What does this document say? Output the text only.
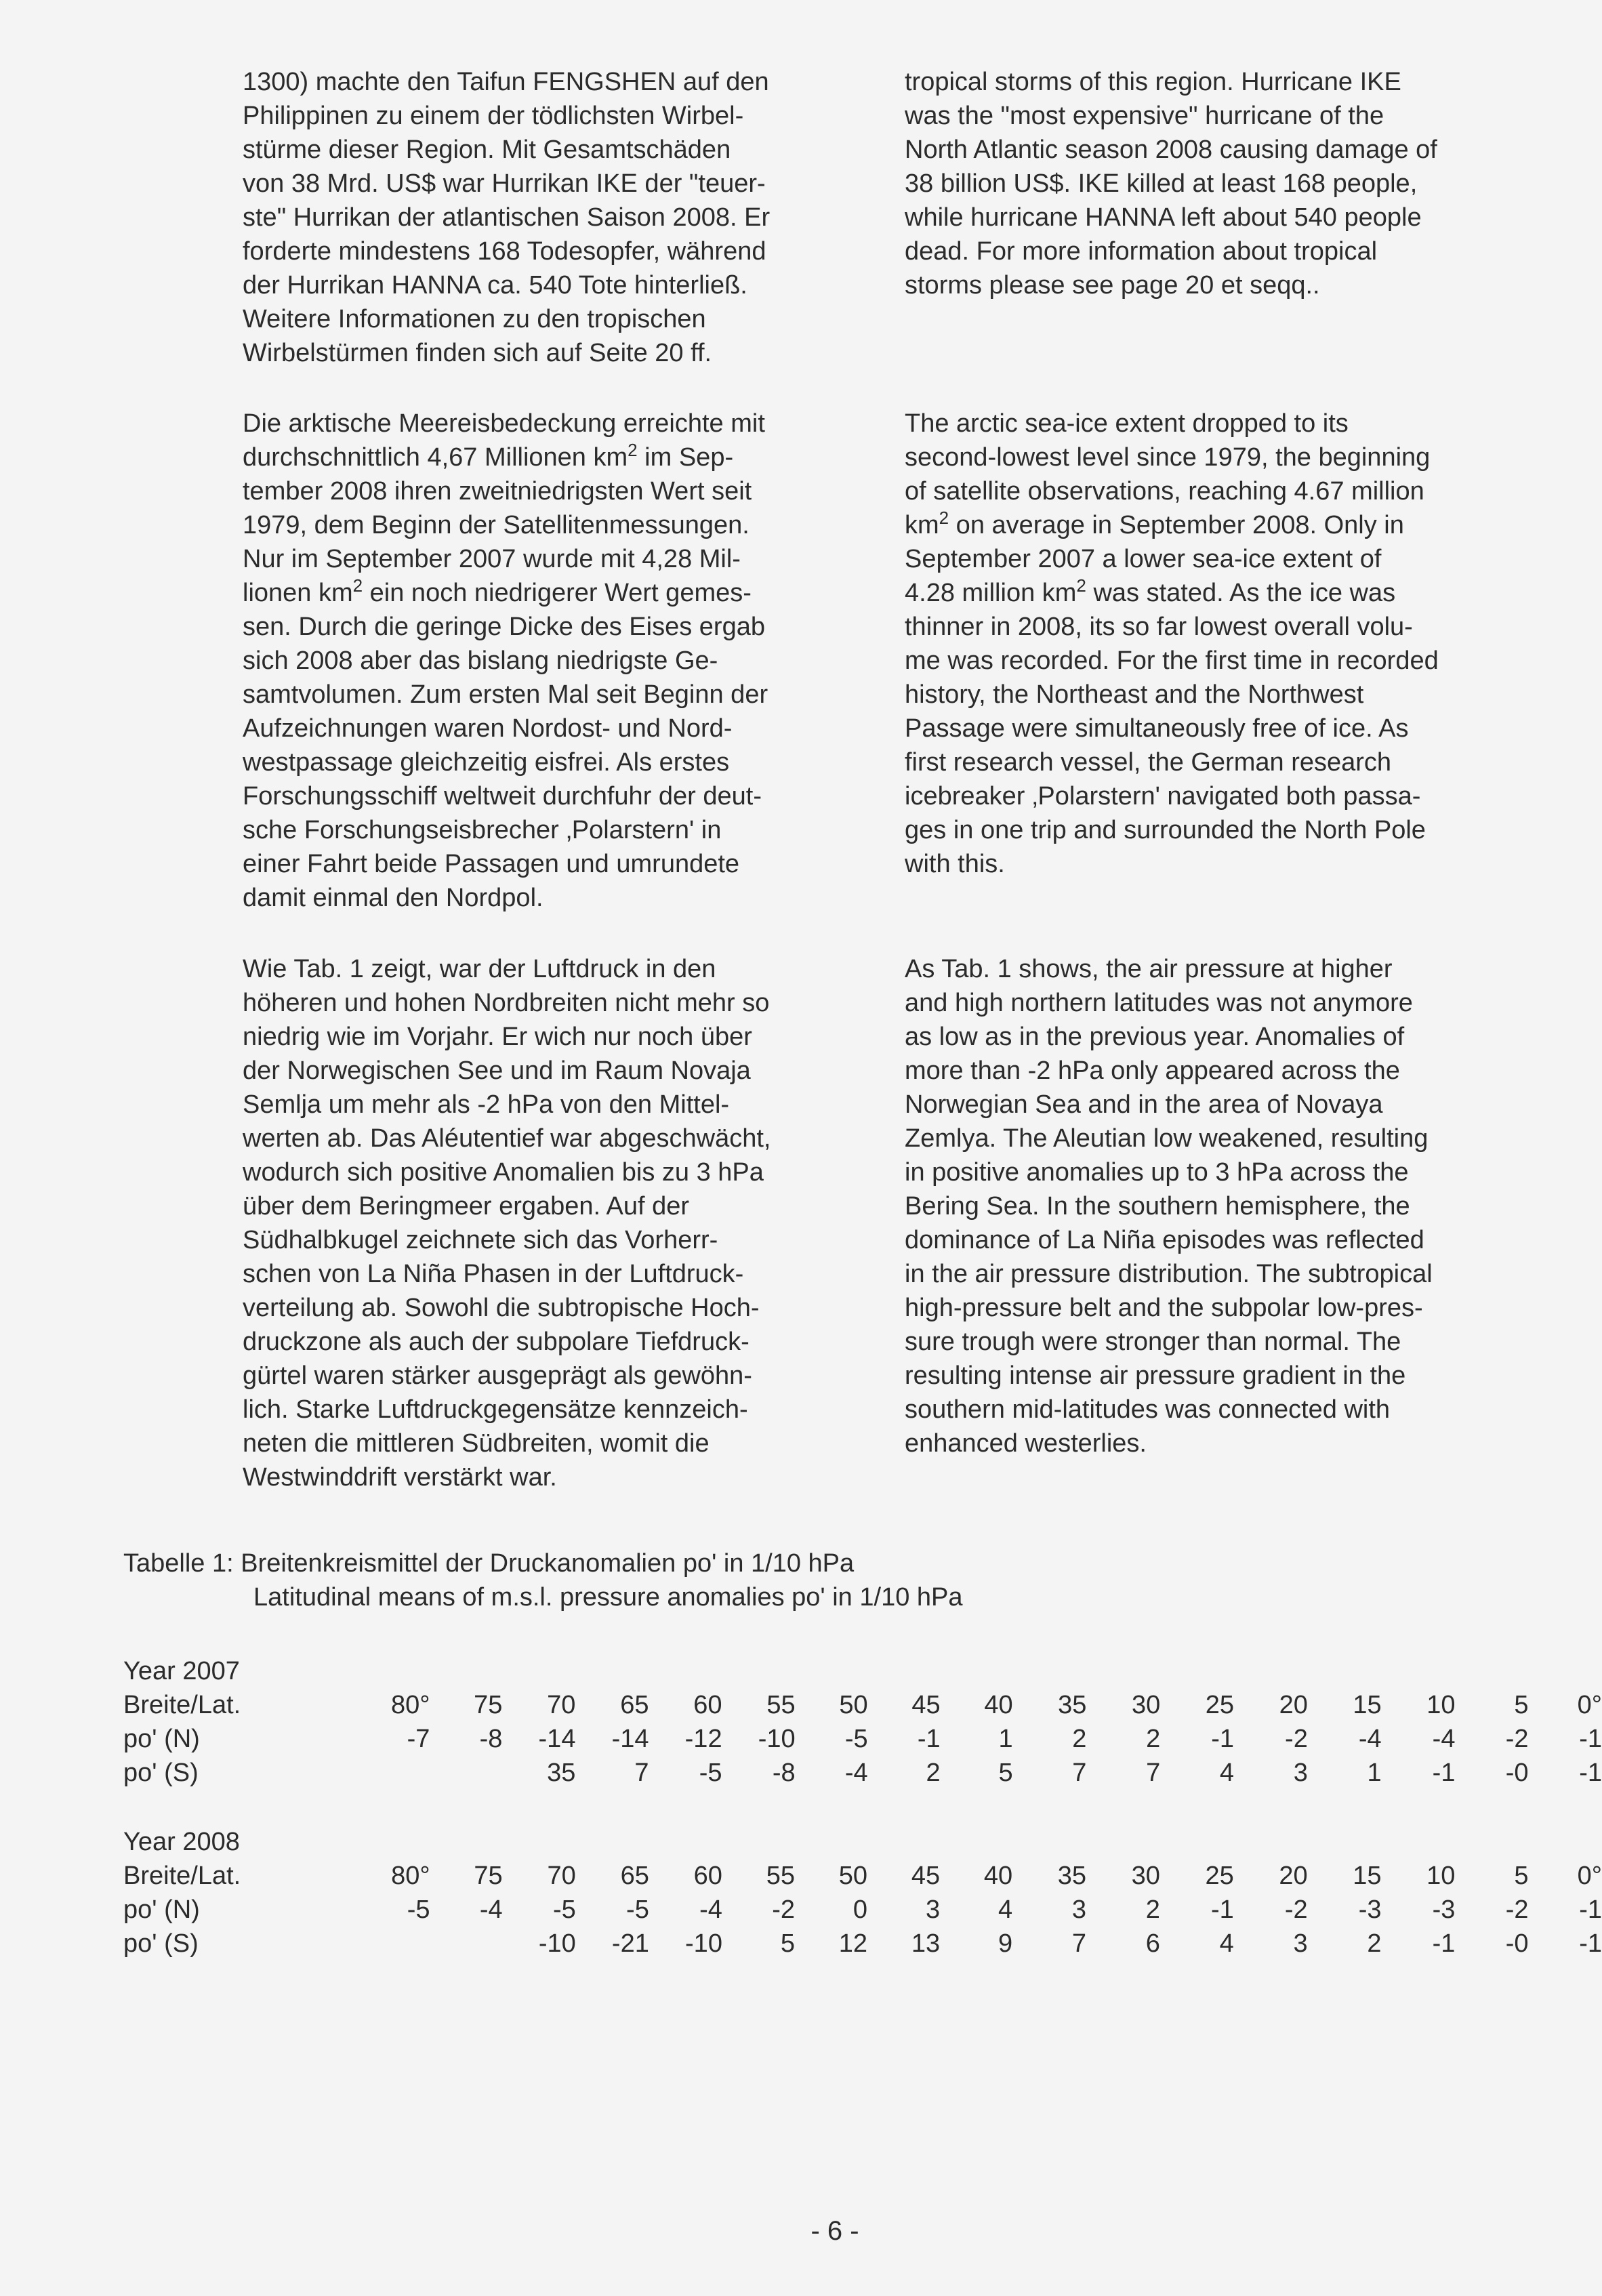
1300) machte den Taifun FENGSHEN auf den
Philippinen zu einem der tödlichsten Wirbel-
stürme dieser Region. Mit Gesamtschäden
von 38 Mrd. US$ war Hurrikan IKE der "teuer-
ste" Hurrikan der atlantischen Saison 2008. Er
forderte mindestens 168 Todesopfer, während
der Hurrikan HANNA ca. 540 Tote hinterließ.
Weitere Informationen zu den tropischen
Wirbelstürmen finden sich auf Seite 20 ff.

Die arktische Meereisbedeckung erreichte mit
durchschnittlich 4,67 Millionen $km^2$ im Sep-
tember 2008 ihren zweitniedrigsten Wert seit
1979, dem Beginn der Satellitenmessungen.
Nur im September 2007 wurde mit 4,28 Mil-
lionen $km^2$ ein noch niedrigerer Wert gemes-
sen. Durch die geringe Dicke des Eises ergab
sich 2008 aber das bislang niedrigste Ge-
samtvolumen. Zum ersten Mal seit Beginn der
Aufzeichnungen waren Nordost- und Nord-
westpassage gleichzeitig eisfrei. Als erstes
Forschungsschiff weltweit durchfuhr der deut-
sche Forschungseisbrecher ‚Polarstern' in
einer Fahrt beide Passagen und umrundete
damit einmal den Nordpol.

Wie Tab. 1 zeigt, war der Luftdruck in den
höheren und hohen Nordbreiten nicht mehr so
niedrig wie im Vorjahr. Er wich nur noch über
der Norwegischen See und im Raum Novaja
Semlja um mehr als -2 hPa von den Mittel-
werten ab. Das Aléutentief war abgeschwächt,
wodurch sich positive Anomalien bis zu 3 hPa
über dem Beringmeer ergaben. Auf der
Südhalbkugel zeichnete sich das Vorherr-
schen von La Niña Phasen in der Luftdruck-
verteilung ab. Sowohl die subtropische Hoch-
druckzone als auch der subpolare Tiefdruck-
gürtel waren stärker ausgeprägt als gewöhn-
lich. Starke Luftdruckgegensätze kennzeich-
neten die mittleren Südbreiten, womit die
Westwinddrift verstärkt war.

tropical storms of this region. Hurricane IKE
was the "most expensive" hurricane of the
North Atlantic season 2008 causing damage of
38 billion US$. IKE killed at least 168 people,
while hurricane HANNA left about 540 people
dead. For more information about tropical
storms please see page 20 et seqq..

The arctic sea-ice extent dropped to its
second-lowest level since 1979, the beginning
of satellite observations, reaching 4.67 million
$km^2$ on average in September 2008. Only in
September 2007 a lower sea-ice extent of
4.28 million $km^2$ was stated. As the ice was
thinner in 2008, its so far lowest overall volu-
me was recorded. For the first time in recorded
history, the Northeast and the Northwest
Passage were simultaneously free of ice. As
first research vessel, the German research
icebreaker ‚Polarstern' navigated both passa-
ges in one trip and surrounded the North Pole
with this.

As Tab. 1 shows, the air pressure at higher
and high northern latitudes was not anymore
as low as in the previous year. Anomalies of
more than -2 hPa only appeared across the
Norwegian Sea and in the area of Novaya
Zemlya. The Aleutian low weakened, resulting
in positive anomalies up to 3 hPa across the
Bering Sea. In the southern hemisphere, the
dominance of La Niña episodes was reflected
in the air pressure distribution. The subtropical
high-pressure belt and the subpolar low-pres-
sure trough were stronger than normal. The
resulting intense air pressure gradient in the
southern mid-latitudes was connected with
enhanced westerlies.

Tabelle 1: Breitenkreismittel der Druckanomalien po' in 1/10 hPa
Latitudinal means of m.s.l. pressure anomalies po' in 1/10 hPa
Year 2007																	
Breite/Lat.	80°	75	70	65	60	55	50	45	40	35	30	25	20	15	10	5	0°
po' (N)	-7	-8	-14	-14	-12	-10	-5	-1	1	2	2	-1	-2	-4	-4	-2	-1
po' (S)			35	7	-5	-8	-4	2	5	7	7	4	3	1	-1	-0	-1
Year 2008																	
Breite/Lat.	80°	75	70	65	60	55	50	45	40	35	30	25	20	15	10	5	0°
po' (N)	-5	-4	-5	-5	-4	-2	0	3	4	3	2	-1	-2	-3	-3	-2	-1
po' (S)			-10	-21	-10	5	12	13	9	7	6	4	3	2	-1	-0	-1
- 6 -
